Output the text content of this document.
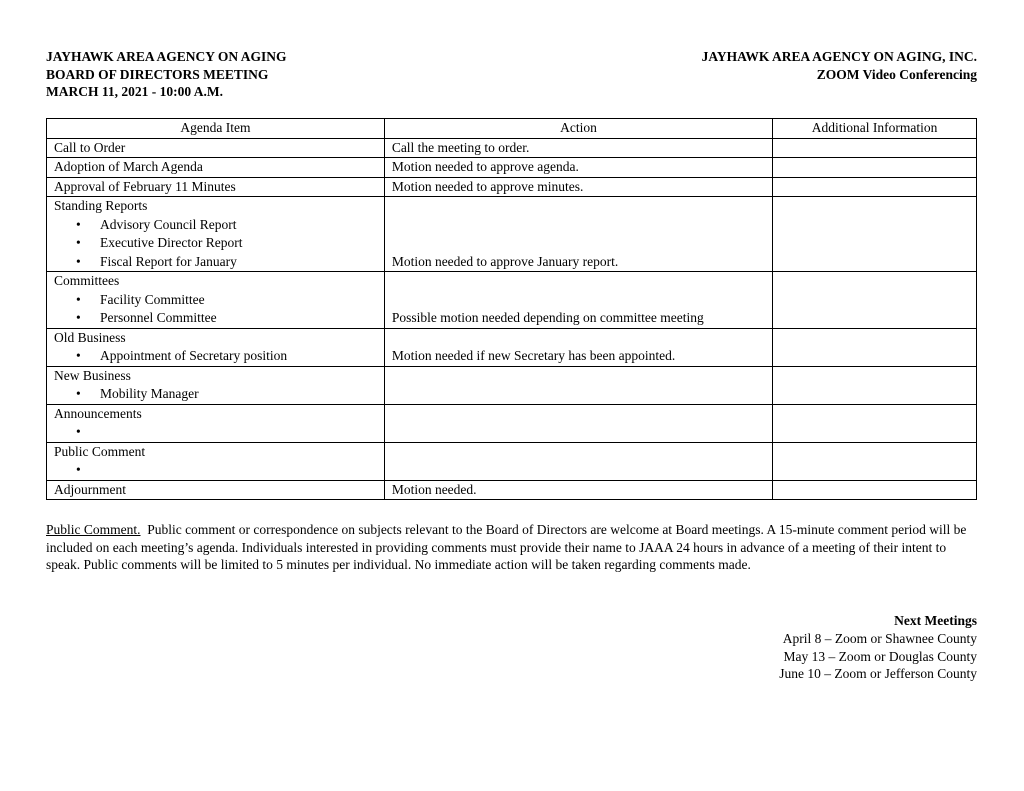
JAYHAWK AREA AGENCY ON AGING
BOARD OF DIRECTORS MEETING
MARCH 11, 2021 - 10:00 A.M.
JAYHAWK AREA AGENCY ON AGING, INC.
ZOOM Video Conferencing
Agenda Item	Action	Additional Information

Call to Order	Call the meeting to order.	

Adoption of March Agenda	Motion needed to approve agenda.	

Approval of February 11 Minutes	Motion needed to approve minutes.	

Standing Reports
•Advisory Council Report
•Executive Director Report
•Fiscal Report for January	Motion needed to approve January report.	

Committees
•Facility Committee
•Personnel Committee	Possible motion needed depending on committee meeting	

Old Business
•Appointment of Secretary position	Motion needed if new Secretary has been appointed.	

New Business
•Mobility Manager

Announcements
•

Public Comment
•

Adjournment	Motion needed.	
Public Comment. Public comment or correspondence on subjects relevant to the Board of Directors are welcome at Board meetings. A 15-minute comment period will be included on each meeting’s agenda. Individuals interested in providing comments must provide their name to JAAA 24 hours in advance of a meeting of their intent to speak. Public comments will be limited to 5 minutes per individual. No immediate action will be taken regarding comments made.
Next Meetings
April 8 – Zoom or Shawnee County
May 13 – Zoom or Douglas County
June 10 – Zoom or Jefferson County
